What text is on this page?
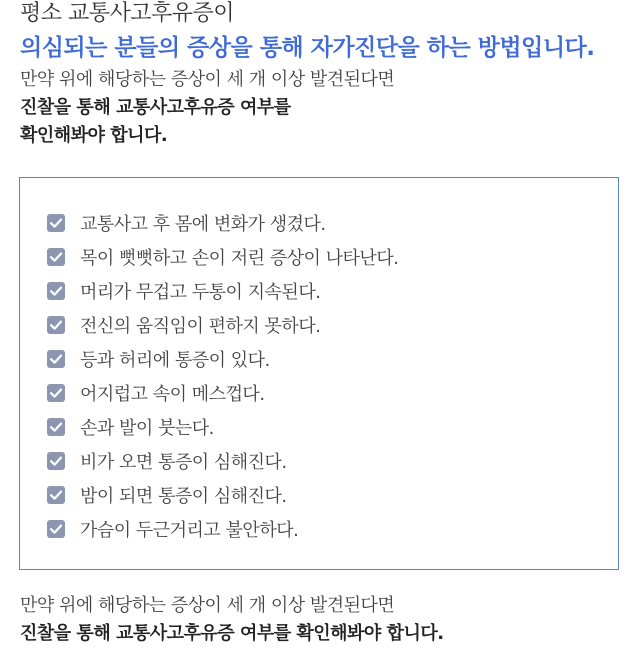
평소 교통사고후유증이
의심되는 분들의 증상을 통해 자가진단을 하는 방법입니다.
만약 위에 해당하는 증상이 세 개 이상 발견된다면
진찰을 통해 교통사고후유증 여부를
확인해봐야 합니다.
교통사고 후 몸에 변화가 생겼다.
목이 뻣뻣하고 손이 저린 증상이 나타난다.
머리가 무겁고 두통이 지속된다.
전신의 움직임이 편하지 못하다.
등과 허리에 통증이 있다.
어지럽고 속이 메스껍다.
손과 발이 붓는다.
비가 오면 통증이 심해진다.
밤이 되면 통증이 심해진다.
가슴이 두근거리고 불안하다.
만약 위에 해당하는 증상이 세 개 이상 발견된다면
진찰을 통해 교통사고후유증 여부를 확인해봐야 합니다.
